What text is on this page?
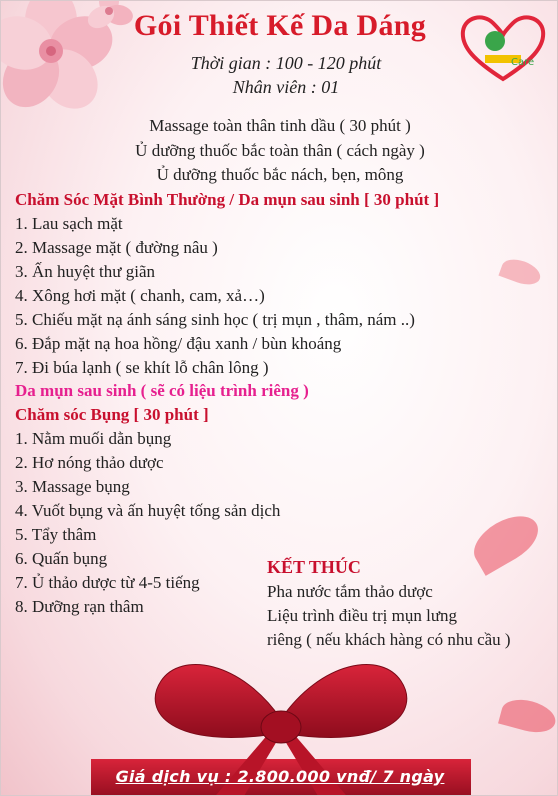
Care
Gói Thiết Kế Da Dáng
Thời gian : 100 - 120 phút
Nhân viên : 01
Massage toàn thân tinh dầu ( 30 phút )
Ủ dưỡng thuốc bắc toàn thân ( cách ngày )
Ủ dưỡng thuốc bắc nách, bẹn, mông
Chăm Sóc Mặt Bình Thường / Da mụn sau sinh [ 30 phút ]
1. Lau sạch mặt
2. Massage mặt ( đường nâu )
3. Ấn huyệt thư giãn
4. Xông hơi mặt ( chanh, cam, xả…)
5. Chiếu mặt nạ ánh sáng sinh học ( trị mụn , thâm, nám ..)
6. Đắp mặt nạ hoa hồng/ đậu xanh / bùn khoáng
7. Đi búa lạnh ( se khít lỗ chân lông )
Da mụn sau sinh ( sẽ có liệu trình riêng )
Chăm sóc Bụng [ 30 phút ]
1. Nằm muối dằn bụng
2. Hơ nóng thảo dược
3. Massage bụng
4. Vuốt bụng và ấn huyệt tống sản dịch
5. Tẩy thâm
6. Quấn bụng
7. Ủ thảo dược từ 4-5 tiếng
8. Dưỡng rạn thâm
KẾT THÚC
Pha nước tắm thảo dược
Liệu trình điều trị mụn lưng
riêng ( nếu khách hàng có nhu cầu )
Giá dịch vụ : 2.800.000 vnđ/ 7 ngày
